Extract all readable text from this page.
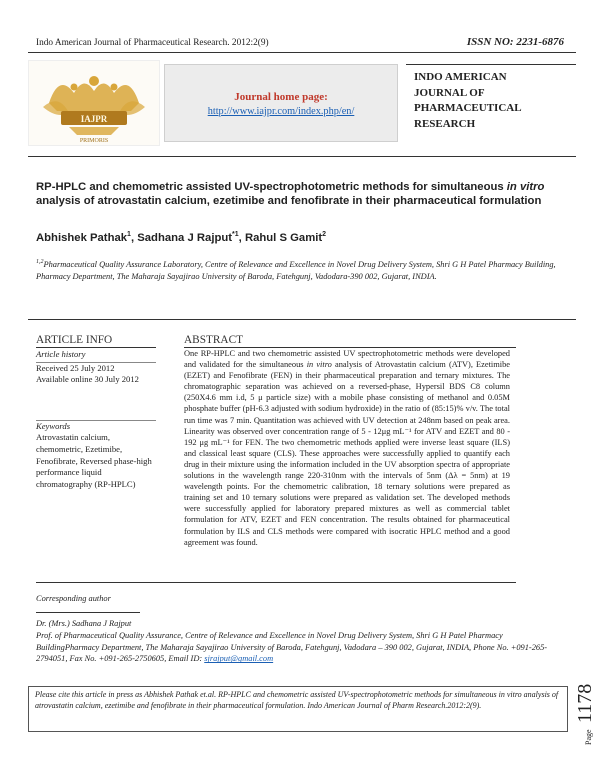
Indo American Journal of Pharmaceutical Research. 2012:2(9)	ISSN NO: 2231-6876
IAJPR
PRIMORIS
Journal home page:
http://www.iajpr.com/index.php/en/
INDO AMERICAN
JOURNAL OF
PHARMACEUTICAL
RESEARCH
RP-HPLC and chemometric assisted UV-spectrophotometric methods for simultaneous in vitro analysis of atrovastatin calcium, ezetimibe and fenofibrate in their pharmaceutical formulation
Abhishek Pathak$^1$, Sadhana J Rajput$^{*1}$, Rahul S Gamit$^2$
$^{1,2}$Pharmaceutical Quality Assurance Laboratory, Centre of Relevance and Excellence in Novel Drug Delivery System, Shri G H Patel Pharmacy Building, Pharmacy Department, The Maharaja Sayajirao University of Baroda, Fatehgunj, Vadodara-390 002, Gujarat, INDIA.
ARTICLE INFO
Article history
Received 25 July 2012
Available online 30 July 2012
Keywords
Atrovastatin calcium, chemometric, Ezetimibe, Fenofibrate, Reversed phase-high performance liquid chromatography (RP-HPLC)
ABSTRACT
One RP-HPLC and two chemometric assisted UV spectrophotometric methods were developed and validated for the simultaneous in vitro analysis of Atrovastatin calcium (ATV), Ezetimibe (EZET) and Fenofibrate (FEN) in their pharmaceutical preparation and ternary mixtures. The chromatographic separation was achieved on a reversed-phase, Hypersil BDS C8 column (250X4.6 mm i.d, 5 μ particle size) with a mobile phase consisting of methanol and 0.05M phosphate buffer (pH-6.3 adjusted with sodium hydroxide) in the ratio of (85:15)% v/v. The total run time was 7 min. Quantitation was achieved with UV detection at 248nm based on peak area. Linearity was observed over concentration range of 5 - 12μg mL⁻¹ for ATV and EZET and 80 - 192 μg mL⁻¹ for FEN. The two chemometric methods applied were inverse least square (ILS) and classical least square (CLS). These approaches were successfully applied to quantify each drug in their mixture using the information included in the UV absorption spectra of appropriate solutions in the wavelength range 220-310nm with the intervals of 5nm (Δλ = 5nm) at 19 wavelength points. For the chemometric calibration, 18 ternary solutions were prepared as training set and 10 ternary solutions were prepared as validation set. The developed methods were successfully applied for laboratory prepared mixtures as well as commercial tablet formulation for ATV, EZET and FEN concentration. The results obtained for pharmaceutical formulation by ILS and CLS methods were compared with isocratic HPLC method and a good agreement was found.
Corresponding author
Dr. (Mrs.) Sadhana J Rajput
Prof. of Pharmaceutical Quality Assurance, Centre of Relevance and Excellence in Novel Drug Delivery System, Shri G H Patel Pharmacy BuildingPharmacy Department, The Maharaja Sayajirao University of Baroda, Fatehgunj, Vadodara – 390 002, Gujarat, INDIA, Phone No. +091-265-2794051, Fax No. +091-265-2750605, Email ID: sjrajput@gmail.com
Please cite this article in press as Abhishek Pathak et.al. RP-HPLC and chemometric assisted UV-spectrophotometric methods for simultaneous in vitro analysis of atrovastatin calcium, ezetimibe and fenofibrate in their pharmaceutical formulation. Indo American Journal of Pharm Research.2012:2(9).
Page
1178
